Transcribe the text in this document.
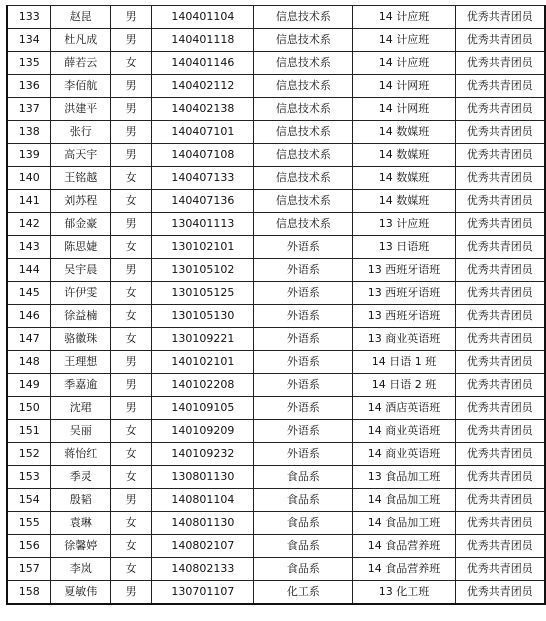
133	赵昆	男	140401104	信息技术系	14 计应班	优秀共青团员
134	杜凡成	男	140401118	信息技术系	14 计应班	优秀共青团员
135	薛若云	女	140401146	信息技术系	14 计应班	优秀共青团员
136	李佰航	男	140402112	信息技术系	14 计网班	优秀共青团员
137	洪建平	男	140402138	信息技术系	14 计网班	优秀共青团员
138	张行	男	140407101	信息技术系	14 数媒班	优秀共青团员
139	高天宇	男	140407108	信息技术系	14 数媒班	优秀共青团员
140	王铭越	女	140407133	信息技术系	14 数媒班	优秀共青团员
141	刘苏程	女	140407136	信息技术系	14 数媒班	优秀共青团员
142	郁金豪	男	130401113	信息技术系	13 计应班	优秀共青团员
143	陈思婕	女	130102101	外语系	13 日语班	优秀共青团员
144	吴宇晨	男	130105102	外语系	13 西班牙语班	优秀共青团员
145	许伊雯	女	130105125	外语系	13 西班牙语班	优秀共青团员
146	徐益楠	女	130105130	外语系	13 西班牙语班	优秀共青团员
147	骆徽珠	女	130109221	外语系	13 商业英语班	优秀共青团员
148	王理想	男	140102101	外语系	14 日语 1 班	优秀共青团员
149	季嘉逾	男	140102208	外语系	14 日语 2 班	优秀共青团员
150	沈珺	男	140109105	外语系	14 酒店英语班	优秀共青团员
151	吴丽	女	140109209	外语系	14 商业英语班	优秀共青团员
152	蒋怡红	女	140109232	外语系	14 商业英语班	优秀共青团员
153	季灵	女	130801130	食品系	13 食品加工班	优秀共青团员
154	殷韬	男	140801104	食品系	14 食品加工班	优秀共青团员
155	袁琳	女	140801130	食品系	14 食品加工班	优秀共青团员
156	徐馨婷	女	140802107	食品系	14 食品营养班	优秀共青团员
157	李岚	女	140802133	食品系	14 食品营养班	优秀共青团员
158	夏敏伟	男	130701107	化工系	13 化工班	优秀共青团员
